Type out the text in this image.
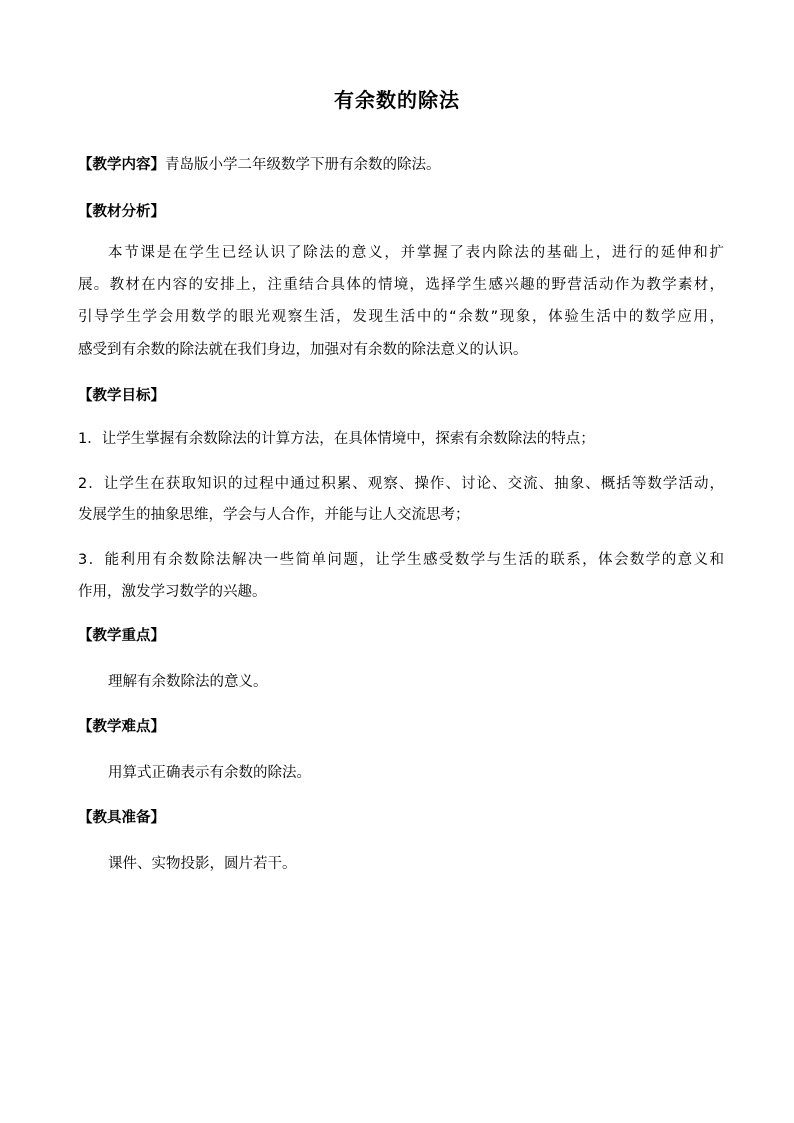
有余数的除法
【教学内容】青岛版小学二年级数学下册有余数的除法。
【教材分析】
本节课是在学生已经认识了除法的意义，并掌握了表内除法的基础上，进行的延伸和扩
展。教材在内容的安排上，注重结合具体的情境，选择学生感兴趣的野营活动作为教学素材，
引导学生学会用数学的眼光观察生活，发现生活中的“余数”现象，体验生活中的数学应用，
感受到有余数的除法就在我们身边，加强对有余数的除法意义的认识。
【教学目标】
1．让学生掌握有余数除法的计算方法，在具体情境中，探索有余数除法的特点；
2．让学生在获取知识的过程中通过积累、观察、操作、讨论、交流、抽象、概括等数学活动，
发展学生的抽象思维，学会与人合作，并能与让人交流思考；
3．能利用有余数除法解决一些简单问题，让学生感受数学与生活的联系，体会数学的意义和
作用，激发学习数学的兴趣。
【教学重点】
理解有余数除法的意义。
【教学难点】
用算式正确表示有余数的除法。
【教具准备】
课件、实物投影，圆片若干。
